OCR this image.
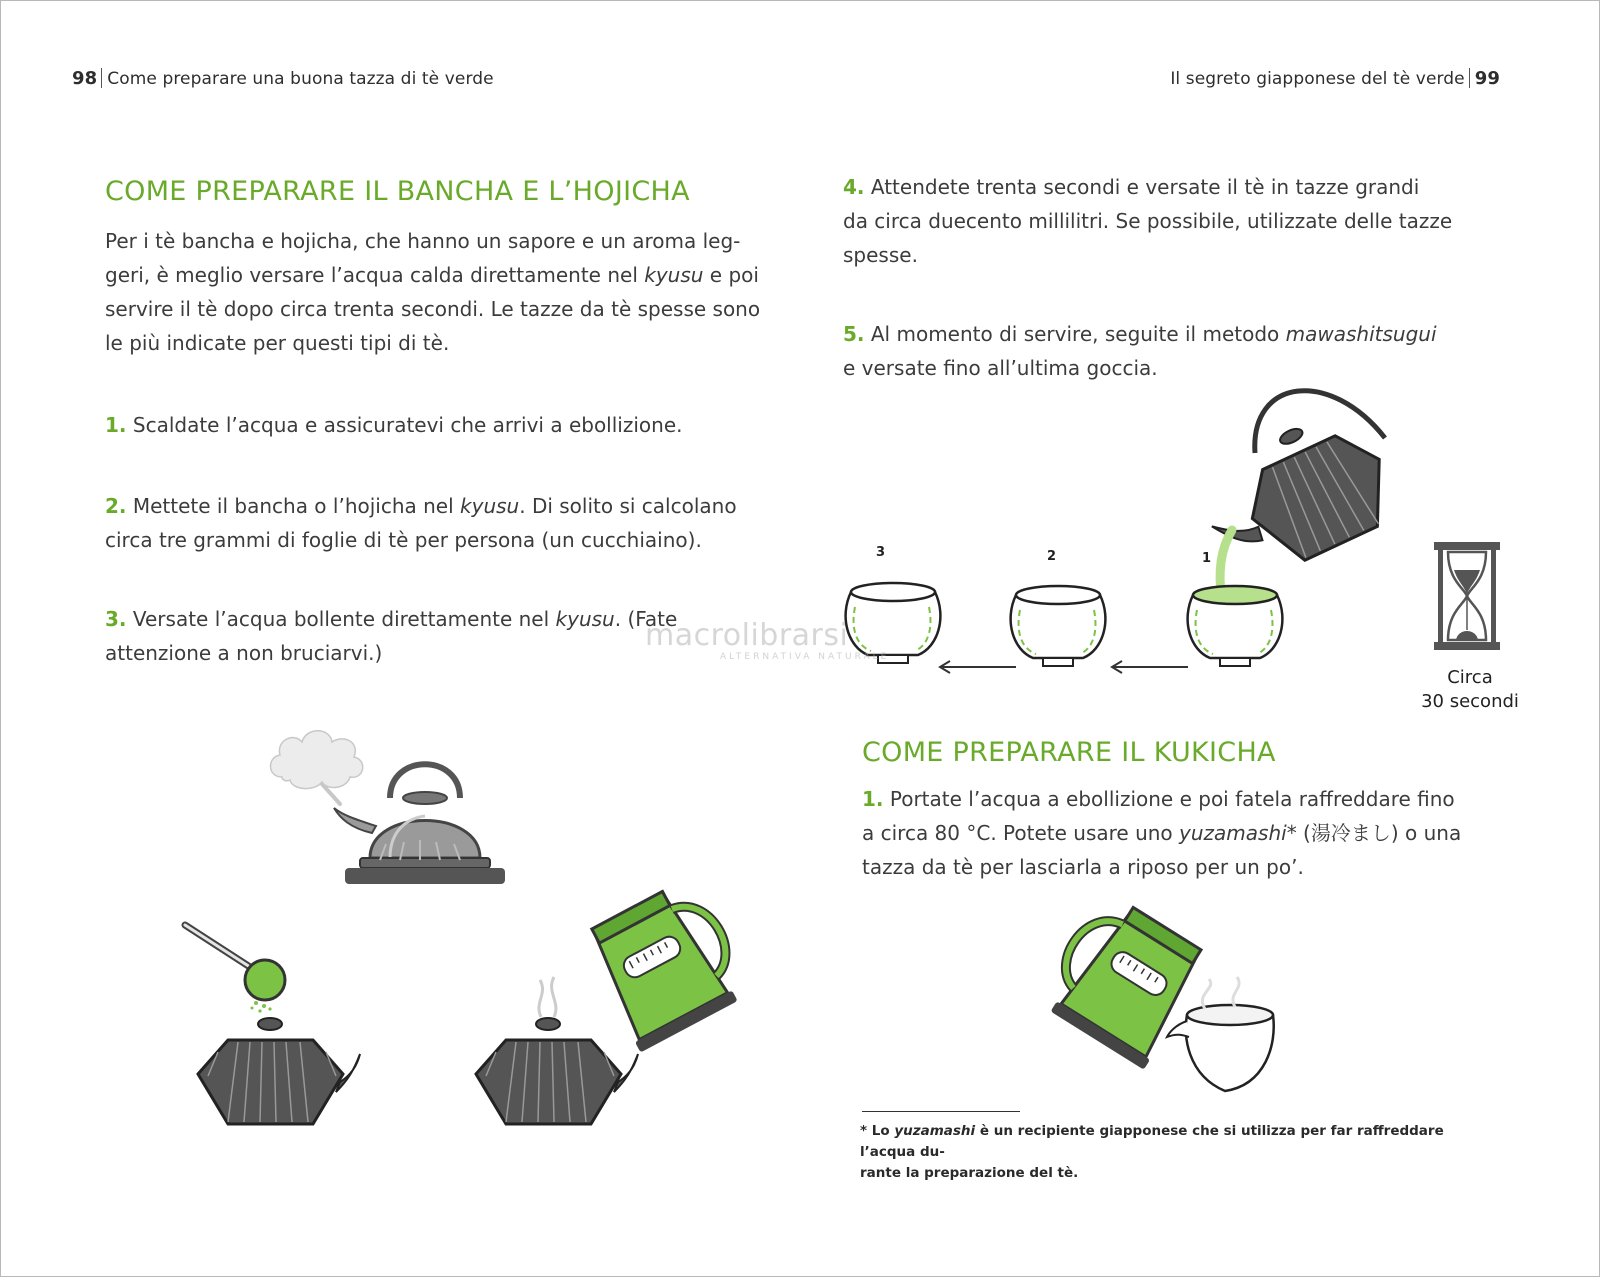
98 Come preparare una buona tazza di tè verde	Il segreto giapponese del tè verde 99
COME PREPARARE IL BANCHA E L’HOJICHA

Per i tè bancha e hojicha, che hanno un sapore e un aroma leg-
geri, è meglio versare l’acqua calda direttamente nel kyusu e poi
servire il tè dopo circa trenta secondi. Le tazze da tè spesse sono
le più indicate per questi tipi di tè.

1. Scaldate l’acqua e assicuratevi che arrivi a ebollizione.

2. Mettete il bancha o l’hojicha nel kyusu. Di solito si calcolano
circa tre grammi di foglie di tè per persona (un cucchiaino).

3. Versate l’acqua bollente direttamente nel kyusu. (Fate
attenzione a non bruciarvi.)

4. Attendete trenta secondi e versate il tè in tazze grandi
da circa duecento millilitri. Se possibile, utilizzate delle tazze
spesse.

5. Al momento di servire, seguite il metodo mawashitsugui
e versate fino all’ultima goccia.

3	2	1
Circa
30 secondi
macrolibrarsi
ALTERNATIVA NATURALE
COME PREPARARE IL KUKICHA

1. Portate l’acqua a ebollizione e poi fatela raffreddare fino
a circa 80 °C. Potete usare uno yuzamashi* (湯冷まし) o una
tazza da tè per lasciarla a riposo per un po’.

* Lo yuzamashi è un recipiente giapponese che si utilizza per far raffreddare l’acqua du-
rante la preparazione del tè.
